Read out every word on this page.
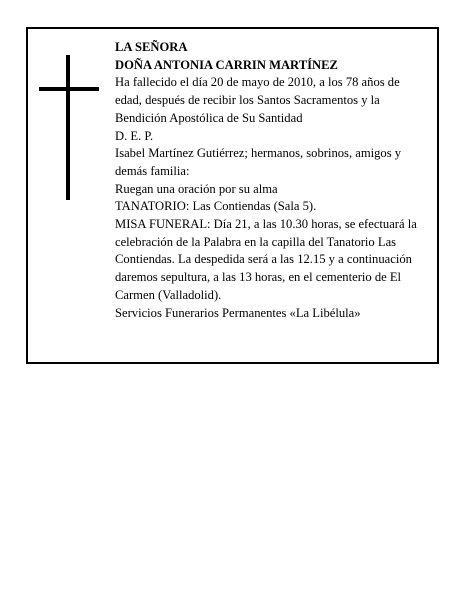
LA SEÑORA
DOÑA ANTONIA CARRIN MARTÍNEZ
Ha fallecido el día 20 de mayo de 2010, a los 78 años de edad, después de recibir los Santos Sacramentos y la Bendición Apostólica de Su Santidad
D. E. P.
Isabel Martínez Gutiérrez; hermanos, sobrinos, amigos y demás familia:
Ruegan una oración por su alma
TANATORIO: Las Contiendas (Sala 5).
MISA FUNERAL: Día 21, a las 10.30 horas, se efectuará la celebración de la Palabra en la capilla del Tanatorio Las Contiendas. La despedida será a las 12.15 y a continuación daremos sepultura, a las 13 horas, en el cementerio de El Carmen (Valladolid).
Servicios Funerarios Permanentes «La Libélula»
